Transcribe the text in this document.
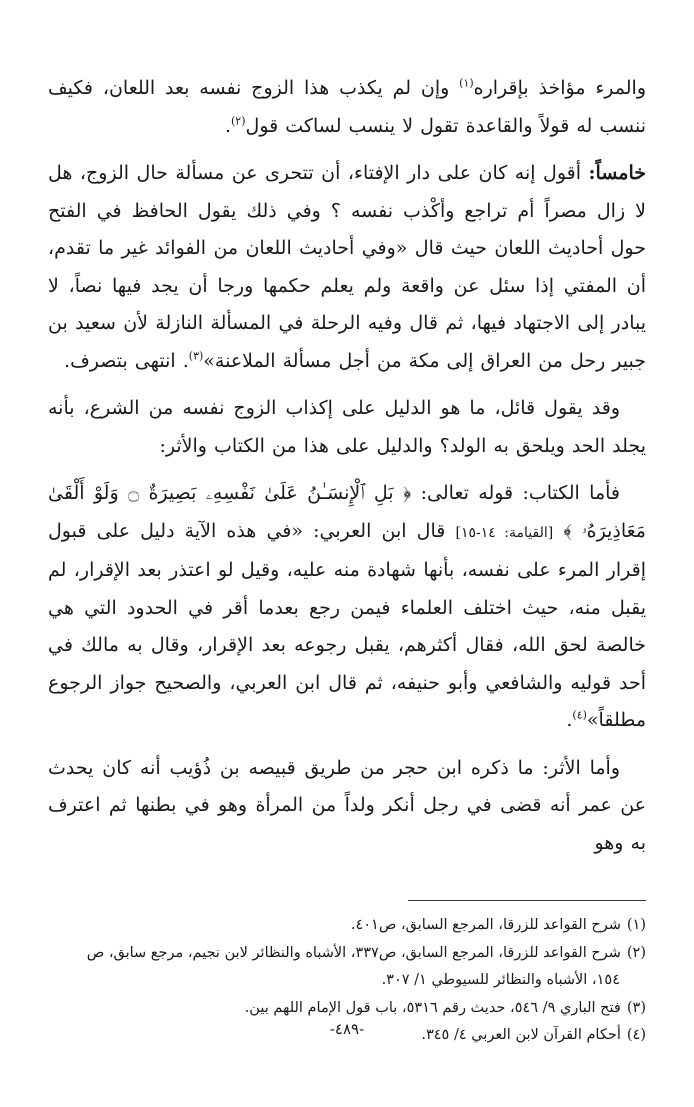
والمرء مؤاخذ بإقراره$^{(١)}$ وإن لم يكذب هذا الزوج نفسه بعد اللعان، فكيف ننسب له قولاً والقاعدة تقول لا ينسب لساكت قول$^{(٢)}$.

خامساً: أقول إنه كان على دار الإفتاء، أن تتحرى عن مسألة حال الزوج، هل لا زال مصراً أم تراجع وأكْذب نفسه ؟ وفي ذلك يقول الحافظ في الفتح حول أحاديث اللعان حيث قال «وفي أحاديث اللعان من الفوائد غير ما تقدم، أن المفتي إذا سئل عن واقعة ولم يعلم حكمها ورجا أن يجد فيها نصاً، لا يبادر إلى الاجتهاد فيها، ثم قال وفيه الرحلة في المسألة النازلة لأن سعيد بن جبير رحل من العراق إلى مكة من أجل مسألة الملاعنة»$^{(٣)}$. انتهى بتصرف.

وقد يقول قائل، ما هو الدليل على إكذاب الزوج نفسه من الشرع، بأنه يجلد الحد ويلحق به الولد؟ والدليل على هذا من الكتاب والأثر:

فأما الكتاب: قوله تعالى: ﴿ بَلِ ٱلْإِنسَـٰنُ عَلَىٰ نَفْسِهِۦ بَصِيرَةٌ ۝ وَلَوْ أَلْقَىٰ مَعَاذِيرَهُۥ ﴾ [القيامة: ١٤-١٥] قال ابن العربي: «في هذه الآية دليل على قبول إقرار المرء على نفسه، بأنها شهادة منه عليه، وقيل لو اعتذر بعد الإقرار، لم يقبل منه، حيث اختلف العلماء فيمن رجع بعدما أقر في الحدود التي هي خالصة لحق الله، فقال أكثرهم، يقبل رجوعه بعد الإقرار، وقال به مالك في أحد قوليه والشافعي وأبو حنيفه، ثم قال ابن العربي، والصحيح جواز الرجوع مطلقاً»$^{(٤)}$.

وأما الأثر: ما ذكره ابن حجر من طريق قبيصه بن ذُؤيب أنه كان يحدث عن عمر أنه قضى في رجل أنكر ولداً من المرأة وهو في بطنها ثم اعترف به وهو

(١)شرح القواعد للزرقا، المرجع السابق، ص٤٠١.

(٢)شرح القواعد للزرقا، المرجع السابق، ص٣٣٧، الأشباه والنظائر لابن نجيم، مرجع سابق، ص

١٥٤، الأشباه والنظائر للسيوطي ١/ ٣٠٧.

(٣)فتح الباري ٩/ ٥٤٦، حديث رقم ٥٣١٦، باب قول الإمام اللهم بين.

(٤)أحكام القرآن لابن العربي ٤/ ٣٤٥.

-٤٨٩-
